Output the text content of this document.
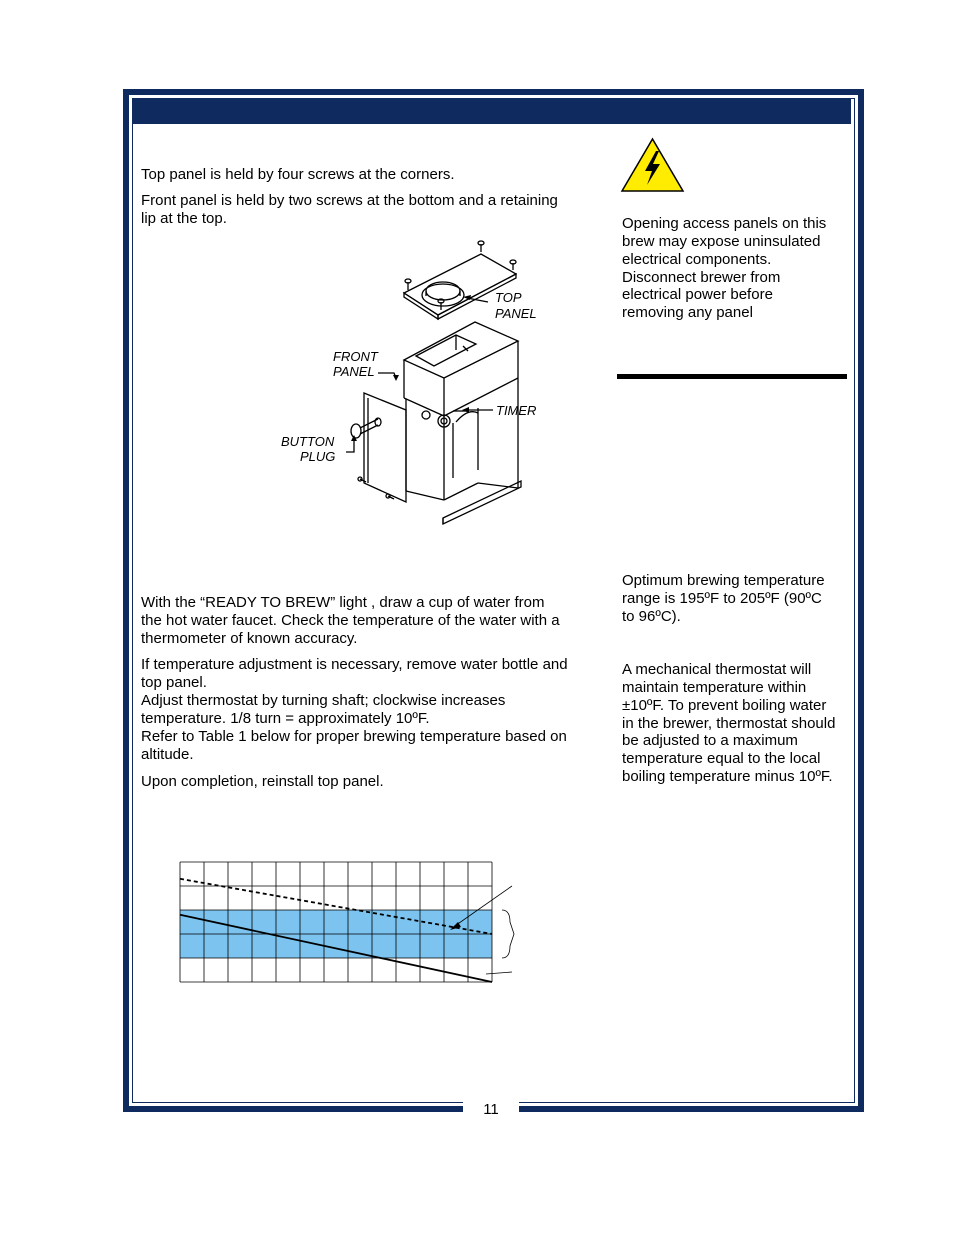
11
Top panel is held by four screws at the corners.
Front panel is held by two screws at the bottom and a retaining
lip at the top.
TOP
PANEL
FRONT
PANEL
TIMER
BUTTON
PLUG
With the “READY TO BREW” light , draw a cup of water from
the hot water faucet. Check the temperature of the water with a
thermometer of known accuracy.
If temperature adjustment is necessary, remove water bottle and
top panel.
Adjust thermostat by turning shaft; clockwise increases
temperature. 1/8 turn = approximately 10ºF.
Refer to Table 1 below for proper brewing temperature based on
altitude.
Upon completion, reinstall top panel.
Opening access panels on this
brew may expose uninsulated
electrical components.
Disconnect brewer from
electrical power before
removing any panel
Optimum brewing temperature
range is 195ºF to 205ºF (90ºC
to 96ºC).
A mechanical thermostat will
maintain temperature within
±10ºF. To prevent boiling water
in the brewer, thermostat should
be adjusted to a maximum
temperature equal to the local
boiling temperature minus 10ºF.
